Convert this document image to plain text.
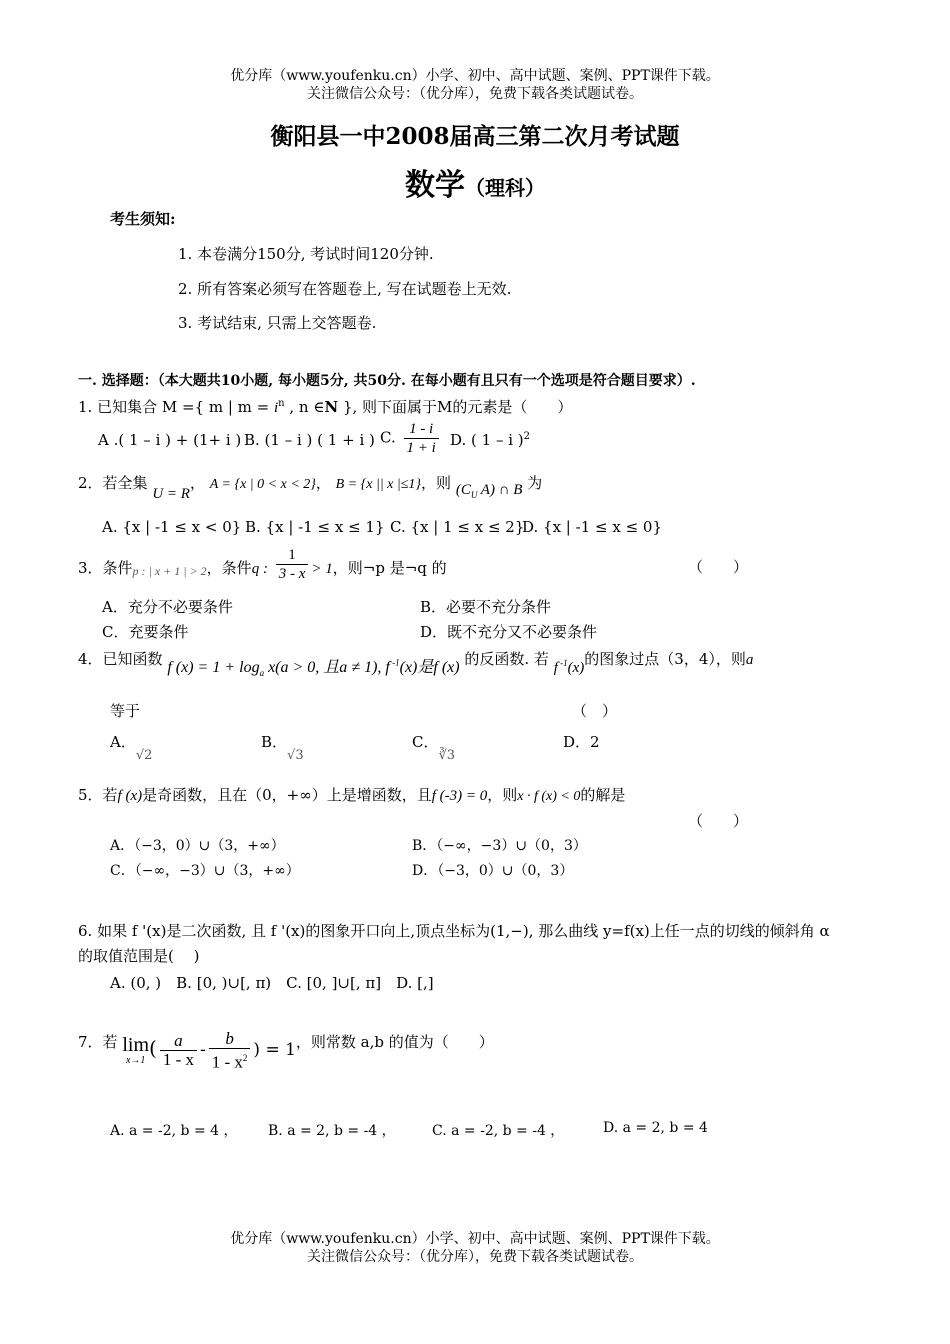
优分库（www.youfenku.cn）小学、初中、高中试题、案例、PPT课件下载。
关注微信公众号：（优分库），免费下载各类试题试卷。
衡阳县一中2008届高三第二次月考试题
数学（理科）
考生须知:
1. 本卷满分150分, 考试时间120分钟.
2. 所有答案必须写在答题卷上, 写在试题卷上无效.
3. 考试结束, 只需上交答题卷.
一. 选择题：（本大题共10小题, 每小题5分, 共50分. 在每小题有且只有一个选项是符合题目要求）.
1. 已知集合 M ={ m | $m = i^n$ , n ∈N }, 则下面属于M的元素是（　　）
A .( 1 – i ) + (1+ i ) B. (1 – i ) ( 1 + i ) C. $\frac{1 - i}{1 + i} D$. ( 1 – i )$^2$
2．若全集 U = R， A = {x | 0 < x < 2}， B = {x || x |≤1}，则 ($C_U$ A) ∩ B 为
A. {x | -1 ≤ x < 0} B. {x | -1 ≤ x ≤ 1} C. {x | 1 ≤ x ≤ 2}
D. {x | -1 ≤ x ≤ 0}
3．条件$_{p : | x + 1 | > 2}$，条件q : $\frac{1}{3 - x} > 1$，则¬p 是¬q 的	（　　）
A．充分不必要条件	B．必要不充分条件
C．充要条件	D．既不充分又不必要条件
4．已知函数 f $(x) = 1 + \log_a x(a > 0$, 且a ≠ 1), f $^{-1}$(x)是f (x) 的反函数. 若 f $^{-1}$(x)的图象过点（3，4），则a
等于	（　）
A．√2
B．√3
C．∛3
D．2
5．若f (x)是奇函数，且在（0，+∞）上是增函数，且f (-3) = 0，则x · f (x) < 0的解是
（　　）
A．（−3，0）∪（3，+∞）	B．（−∞，−3）∪（0，3）
C．（−∞，−3）∪（3，+∞）	D．（−3，0）∪（0，3）
6. 如果 f '(x)是二次函数, 且 f '(x)的图象开口向上,顶点坐标为(1,−), 那么曲线 y=f(x)上任一点的切线的倾斜角 α
的取值范围是(　 )
A. (0, )　B. [0, )∪[, π)　C. [0, ]∪[, π]　D. [,]
7．若 lim
x→1
( $\frac{a}{1 - x} - \frac{b}{1 - x^2}$ ) = 1，则常数 a,b 的值为（　　）
A. a = -2, b = 4 ， B. a = 2, b = -4 ，	C. a = -2, b = -4 ，	D. a = 2, b = 4
优分库（www.youfenku.cn）小学、初中、高中试题、案例、PPT课件下载。
关注微信公众号：（优分库），免费下载各类试题试卷。
